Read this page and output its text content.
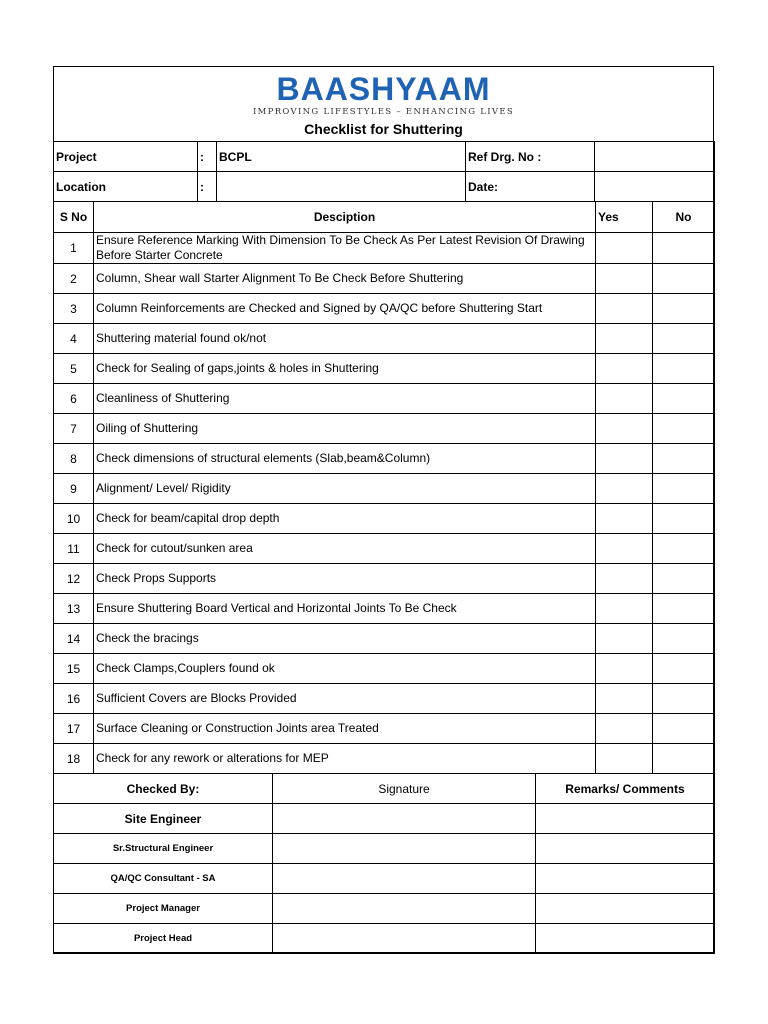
BAASHYAAM
IMPROVING LIFESTYLES – ENHANCING LIVES
Checklist for Shuttering
Project	:	BCPL	Ref Drg. No :	
Location	:		Date:	
S No	Desciption	Yes	No
1	Ensure Reference Marking With Dimension To Be Check As Per Latest Revision Of Drawing Before Starter Concrete		
2	Column, Shear wall Starter Alignment To Be Check Before Shuttering		
3	Column Reinforcements are Checked and Signed by QA/QC before Shuttering Start		
4	Shuttering material found ok/not		
5	Check for Sealing of gaps,joints & holes in Shuttering		
6	Cleanliness of Shuttering		
7	Oiling of Shuttering		
8	Check dimensions of structural elements (Slab,beam&Column)		
9	Alignment/ Level/ Rigidity		
10	Check for beam/capital drop depth		
11	Check for cutout/sunken area		
12	Check Props Supports		
13	Ensure Shuttering Board Vertical and Horizontal Joints To Be Check		
14	Check the bracings		
15	Check Clamps,Couplers found ok		
16	Sufficient Covers are Blocks Provided		
17	Surface Cleaning or Construction Joints area Treated		
18	Check for any rework or alterations for MEP		
Checked By:	Signature	Remarks/ Comments
Site Engineer		
Sr.Structural Engineer		
QA/QC Consultant - SA		
Project Manager		
Project Head		
